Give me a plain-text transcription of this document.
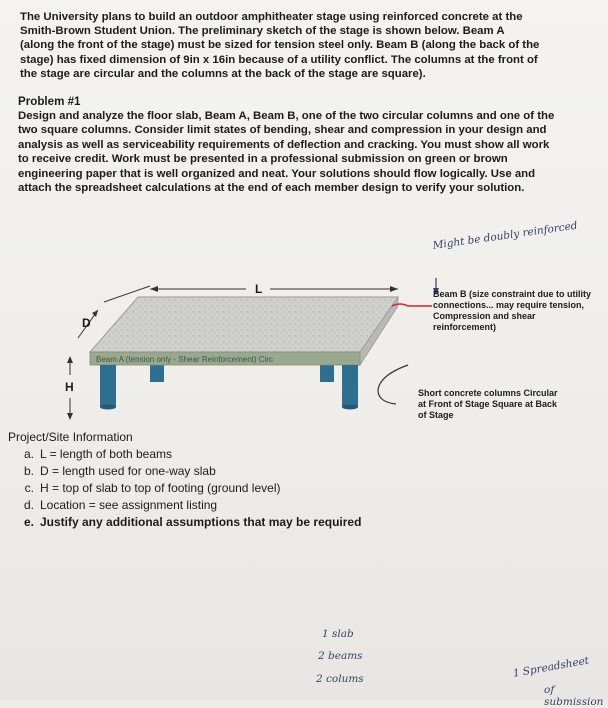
The University plans to build an outdoor amphitheater stage using reinforced concrete at the Smith-Brown Student Union. The preliminary sketch of the stage is shown below. Beam A (along the front of the stage) must be sized for tension steel only. Beam B (along the back of the stage) has fixed dimension of 9in x 16in because of a utility conflict. The columns at the front of the stage are circular and the columns at the back of the stage are square).
Problem #1
Design and analyze the floor slab, Beam A, Beam B, one of the two circular columns and one of the two square columns. Consider limit states of bending, shear and compression in your design and analysis as well as serviceability requirements of deflection and cracking. You must show all work to receive credit. Work must be presented in a professional submission on green or brown engineering paper that is well organized and neat. Your solutions should flow logically. Use and attach the spreadsheet calculations at the end of each member design to verify your solution.
Beam A (tension only - Shear Reinforcement) Circ
L
D
H
Might be doubly reinforced
Beam B (size constraint due to utility connections... may require tension, Compression and shear reinforcement)
Short concrete columns Circular at Front of Stage Square at Back of Stage
Project/Site Information
a. L = length of both beams
b. D = length used for one-way slab
c. H = top of slab to top of footing (ground level)
d. Location = see assignment listing
e. Justify any additional assumptions that may be required
1 slab
2 beams
2 colums	1 Spreadsheet
of submission
